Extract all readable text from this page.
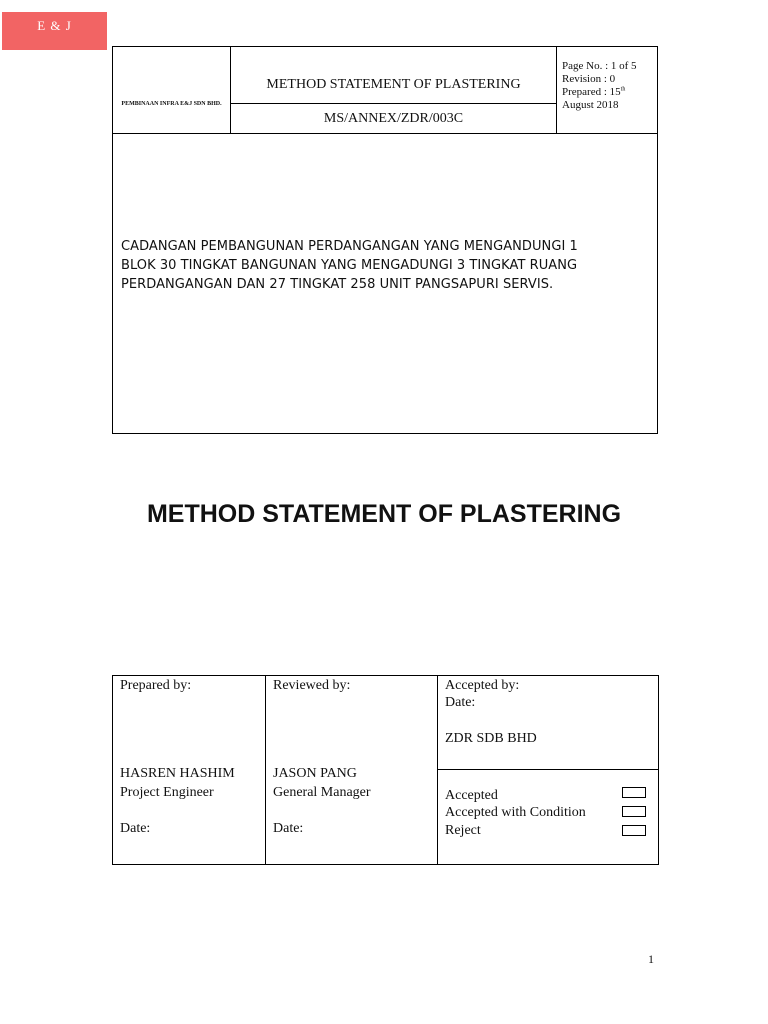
E & J
PEMBINAAN INFRA E&J SDN BHD.
METHOD STATEMENT OF PLASTERING
MS/ANNEX/ZDR/003C
Page No. : 1 of 5
Revision : 0
Prepared : 15th
August 2018
CADANGAN PEMBANGUNAN PERDANGANGAN YANG MENGANDUNGI 1
BLOK 30 TINGKAT BANGUNAN YANG MENGADUNGI 3 TINGKAT RUANG
PERDANGANGAN DAN 27 TINGKAT 258 UNIT PANGSAPURI SERVIS.
METHOD STATEMENT OF PLASTERING
Prepared by:
HASREN HASHIM
Project Engineer
Date:
Reviewed by:
JASON PANG
General Manager
Date:
Accepted by:
Date:
ZDR SDB BHD
Accepted
Accepted with Condition
Reject
1
